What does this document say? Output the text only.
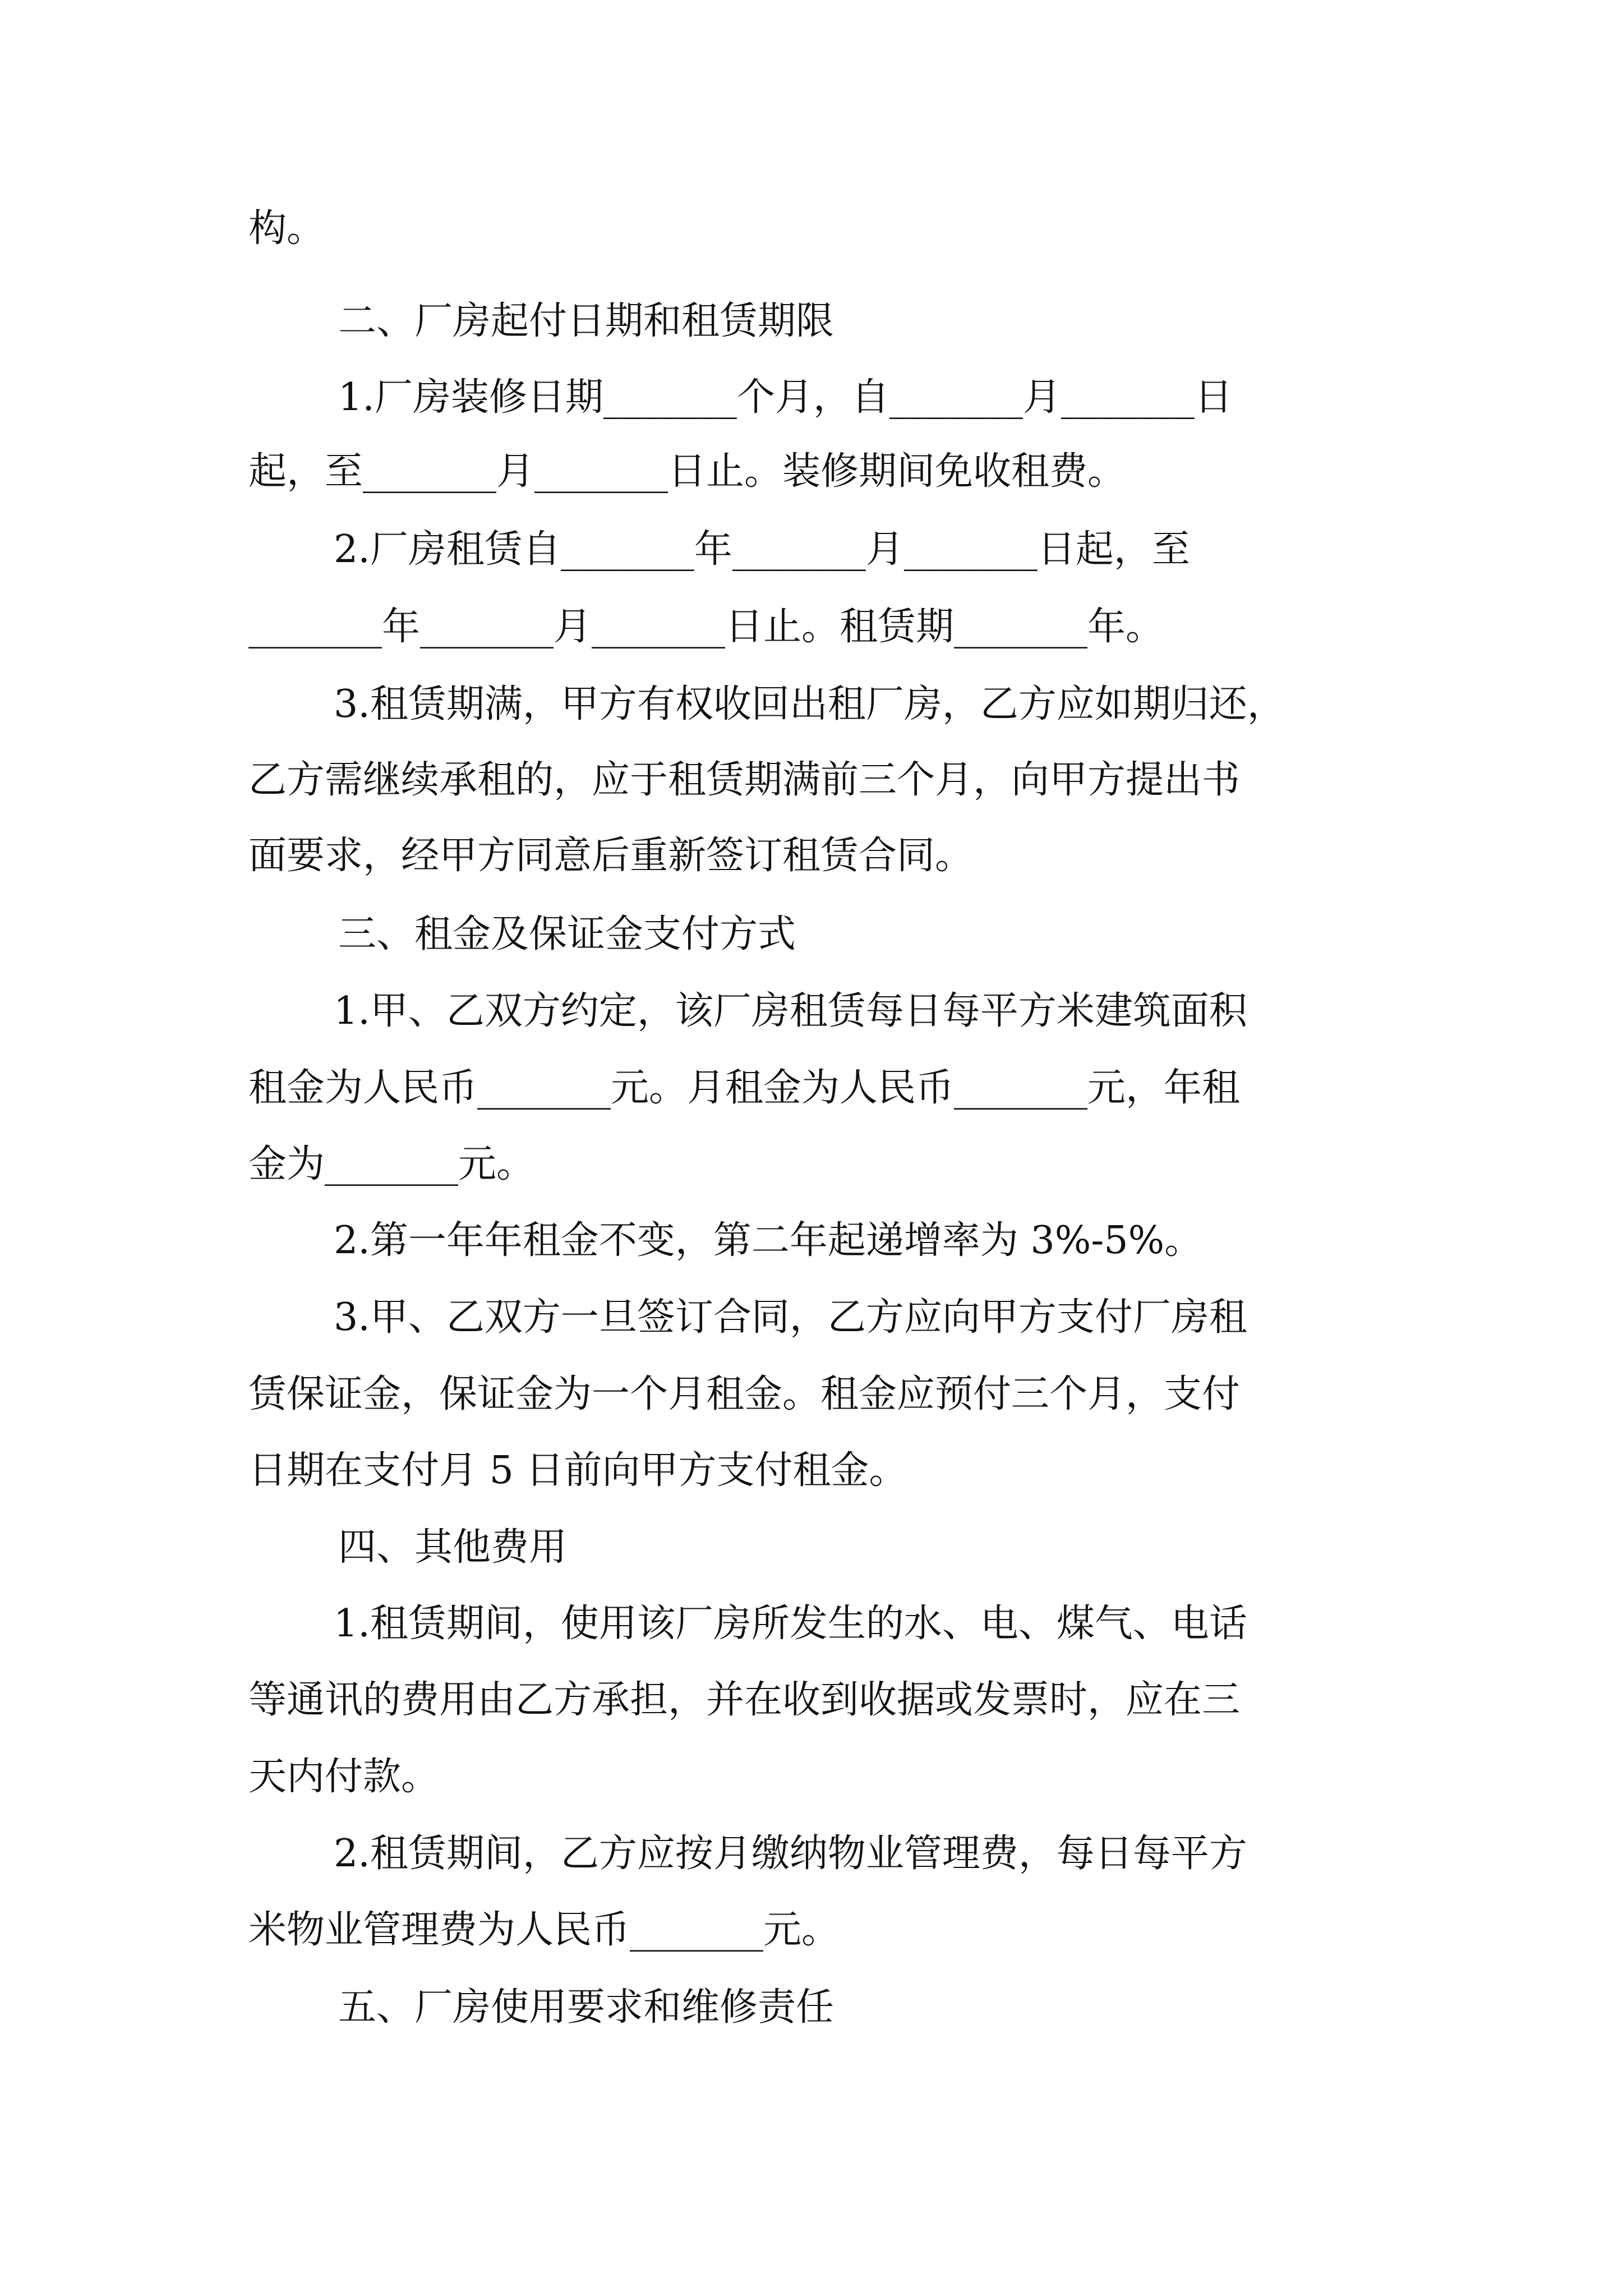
构。
二、厂房起付日期和租赁期限
1.厂房装修日期_______个月，自_______月_______日
起，至_______月_______日止。装修期间免收租费。
2.厂房租赁自_______年_______月_______日起，至
_______年_______月_______日止。租赁期_______年。
3.租赁期满，甲方有权收回出租厂房，乙方应如期归还，
乙方需继续承租的，应于租赁期满前三个月，向甲方提出书
面要求，经甲方同意后重新签订租赁合同。
三、租金及保证金支付方式
1.甲、乙双方约定，该厂房租赁每日每平方米建筑面积
租金为人民币_______元。月租金为人民币_______元，年租
金为_______元。
2.第一年年租金不变，第二年起递增率为 3%-5%。
3.甲、乙双方一旦签订合同，乙方应向甲方支付厂房租
赁保证金，保证金为一个月租金。租金应预付三个月，支付
日期在支付月 5 日前向甲方支付租金。
四、其他费用
1.租赁期间，使用该厂房所发生的水、电、煤气、电话
等通讯的费用由乙方承担，并在收到收据或发票时，应在三
天内付款。
2.租赁期间，乙方应按月缴纳物业管理费，每日每平方
米物业管理费为人民币_______元。
五、厂房使用要求和维修责任
